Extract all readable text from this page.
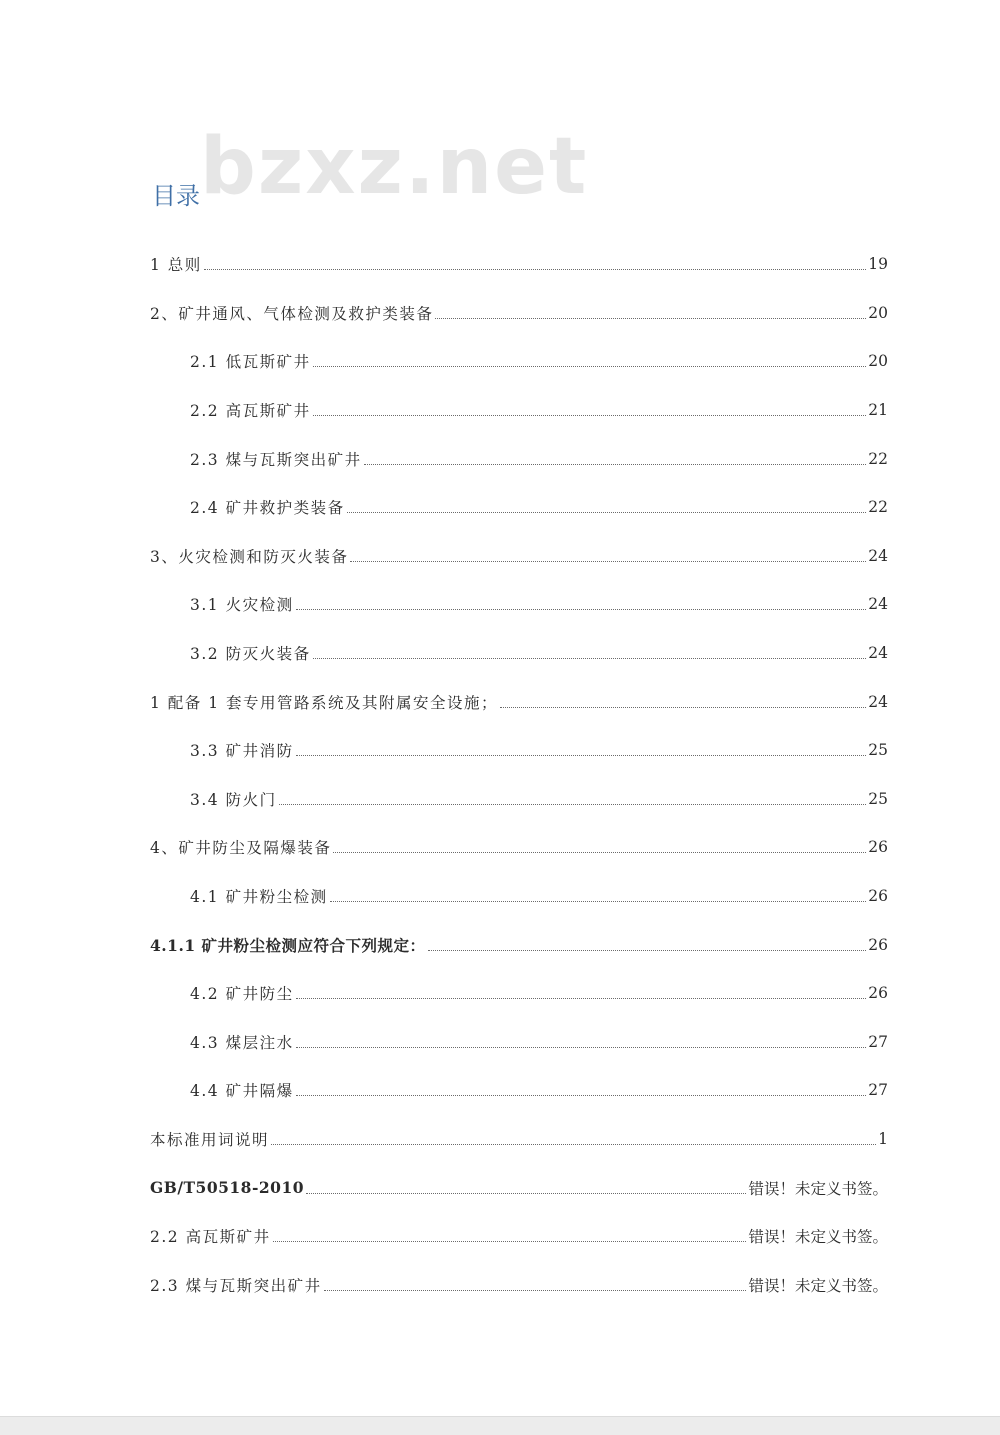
bzxz.net
目录
1 总则	19
2、矿井通风、气体检测及救护类装备	20
2.1 低瓦斯矿井	20
2.2 高瓦斯矿井	21
2.3 煤与瓦斯突出矿井	22
2.4 矿井救护类装备	22
3、火灾检测和防灭火装备	24
3.1 火灾检测	24
3.2 防灭火装备	24
1 配备 1 套专用管路系统及其附属安全设施；	24
3.3 矿井消防	25
3.4 防火门	25
4、矿井防尘及隔爆装备	26
4.1 矿井粉尘检测	26
4.1.1 矿井粉尘检测应符合下列规定：	26
4.2 矿井防尘	26
4.3 煤层注水	27
4.4 矿井隔爆	27
本标准用词说明	1
GB/T50518-2010	错误！未定义书签。
2.2 高瓦斯矿井	错误！未定义书签。
2.3 煤与瓦斯突出矿井	错误！未定义书签。
